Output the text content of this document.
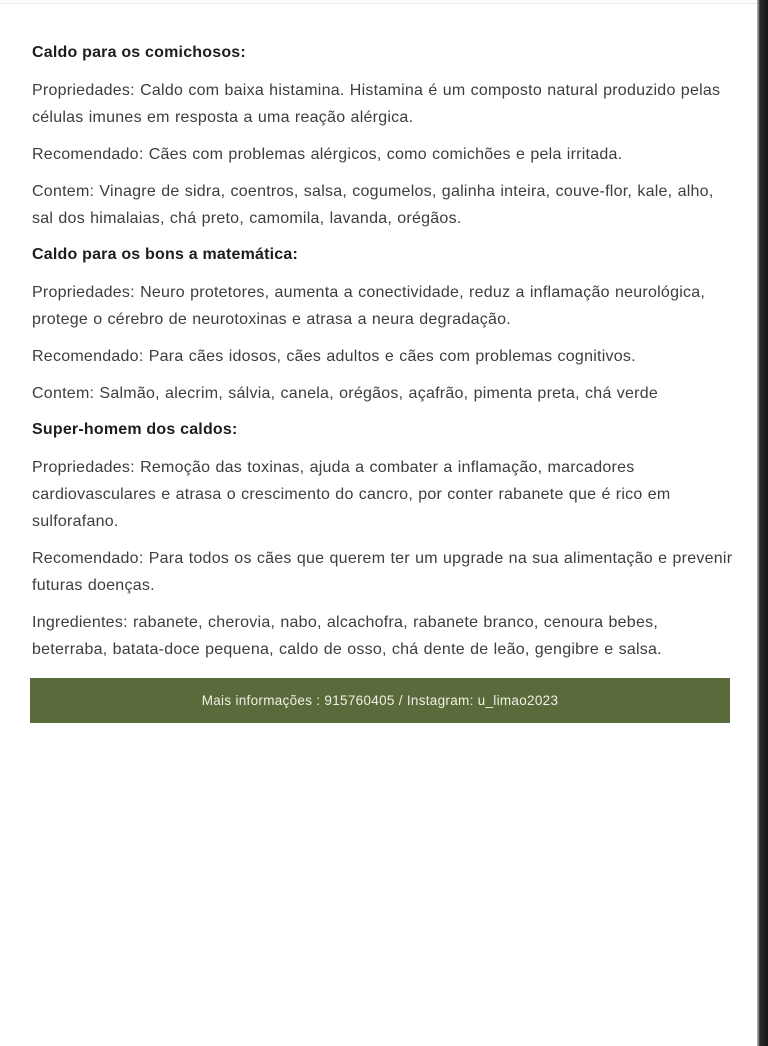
Caldo para os comichosos:

Propriedades: Caldo com baixa histamina. Histamina é um composto natural produzido pelas células imunes em resposta a uma reação alérgica.

Recomendado: Cães com problemas alérgicos, como comichões e pela irritada.

Contem: Vinagre de sidra, coentros, salsa, cogumelos, galinha inteira, couve-flor, kale, alho, sal dos himalaias, chá preto, camomila, lavanda, orégãos.

Caldo para os bons a matemática:

Propriedades: Neuro protetores, aumenta a conectividade, reduz a inflamação neurológica, protege o cérebro de neurotoxinas e atrasa a neura degradação.

Recomendado: Para cães idosos, cães adultos e cães com problemas cognitivos.

Contem: Salmão, alecrim, sálvia, canela, orégãos, açafrão, pimenta preta, chá verde

Super-homem dos caldos:

Propriedades: Remoção das toxinas, ajuda a combater a inflamação, marcadores cardiovasculares e atrasa o crescimento do cancro, por conter rabanete que é rico em sulforafano.

Recomendado: Para todos os cães que querem ter um upgrade na sua alimentação e prevenir futuras doenças.

Ingredientes: rabanete, cherovia, nabo, alcachofra, rabanete branco, cenoura bebes, beterraba, batata-doce pequena, caldo de osso, chá dente de leão, gengibre e salsa.

Mais informações : 915760405 / Instagram: u_limao2023
